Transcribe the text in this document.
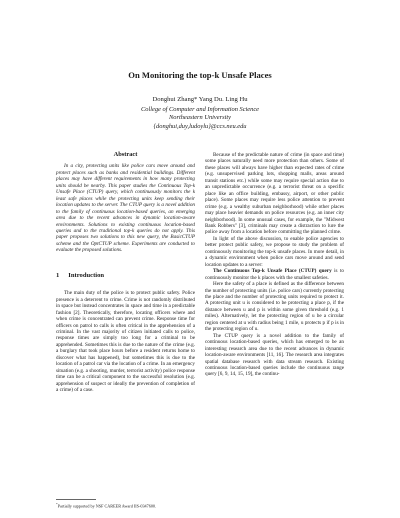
On Monitoring the top-k Unsafe Places
Donghui Zhang* Yang Du. Ling Hu
College of Computer and Information Science
Northeastern University
{donghui,duy,ludoylu}@ccs.neu.edu
Abstract

In a city, protecting units like police cars move around and protect places such as banks and residential buildings. Different places may have different requirements in how many protecting units should be nearby. This paper studies the Continuous Top-k Unsafe Place (CTUP) query, which continuously monitors the k least safe places while the protecting units keep sending their location updates to the server. The CTUP query is a novel addition to the family of continuous location-based queries, an emerging area due to the recent advances in dynamic location-aware environments. Solutions to existing continuous location-based queries and to the traditional top-k queries do not apply. This paper proposes two solutions to this new query, the BasicCTUP scheme and the OptCTUP scheme. Experiments are conducted to evaluate the proposed solutions.

1 Introduction

The main duty of the police is to protect public safety. Police presence is a deterrent to crime. Crime is not randomly distributed in space but instead concentrates in space and time in a predictable fashion [2]. Theoretically, therefore, locating officers where and when crime is concentrated can prevent crime. Response time for officers on patrol to calls is often critical in the apprehension of a criminal. In the vast majority of citizen initiated calls to police, response times are simply too long for a criminal to be apprehended. Sometimes this is due to the nature of the crime (e.g. a burglary that took place hours before a resident returns home to discover what has happened), but sometimes this is due to the location of a patrol car via the location of a crime. In an emergency situation (e.g. a shooting, murder, terrorist activity) police response time can be a critical component to the successful resolution (e.g. apprehension of suspect or ideally the prevention of completion of a crime) of a case.

Because of the predictable nature of crime (in space and time) some places naturally need more protection than others. Some of these places will always have higher than expected rates of crime (e.g. unsupervised parking lots, shopping malls, areas around transit stations etc.) while some may require special action due to an unpredictable occurrence (e.g. a terrorist threat on a specific place like an office building, embassy, airport, or other public place). Some places may require less police attention to prevent crime (e.g. a wealthy suburban neighborhood) while other places may place heavier demands on police resources (e.g. an inner city neighborhood). In some unusual cases, for example, the "Midwest Bank Robbers" [3], criminals may create a distraction to lure the police away from a location before committing the planned crime.

In light of the above discussion, to enable police agencies to better protect public safety, we propose to study the problem of continuously monitoring the top-k unsafe places. In more detail, in a dynamic environment when police cars move around and send location updates to a server:

The Continuous Top-k Unsafe Place (CTUP) query is to continuously monitor the k places with the smallest safeties.

Here the safety of a place is defined as the difference between the number of protecting units (i.e. police cars) currently protecting the place and the number of protecting units required to protect it. A protecting unit u is considered to be protecting a place p, if the distance between u and p is within some given threshold (e.g. 1 miles). Alternatively, let the protecting region of u be a circular region centered at u with radius being 1 mile, u protects p if p is in the protecting region of u.

The CTUP query is a novel addition to the family of continuous location-based queries, which has emerged to be an interesting research area due to the recent advances in dynamic location-aware environments [11, 16]. The research area integrates spatial database research with data stream research. Existing continuous location-based queries include the continuous range query [6, 9, 14, 15, 19], the continu-

*Partially supported by NSF CAREER Award IIS-0347600.
